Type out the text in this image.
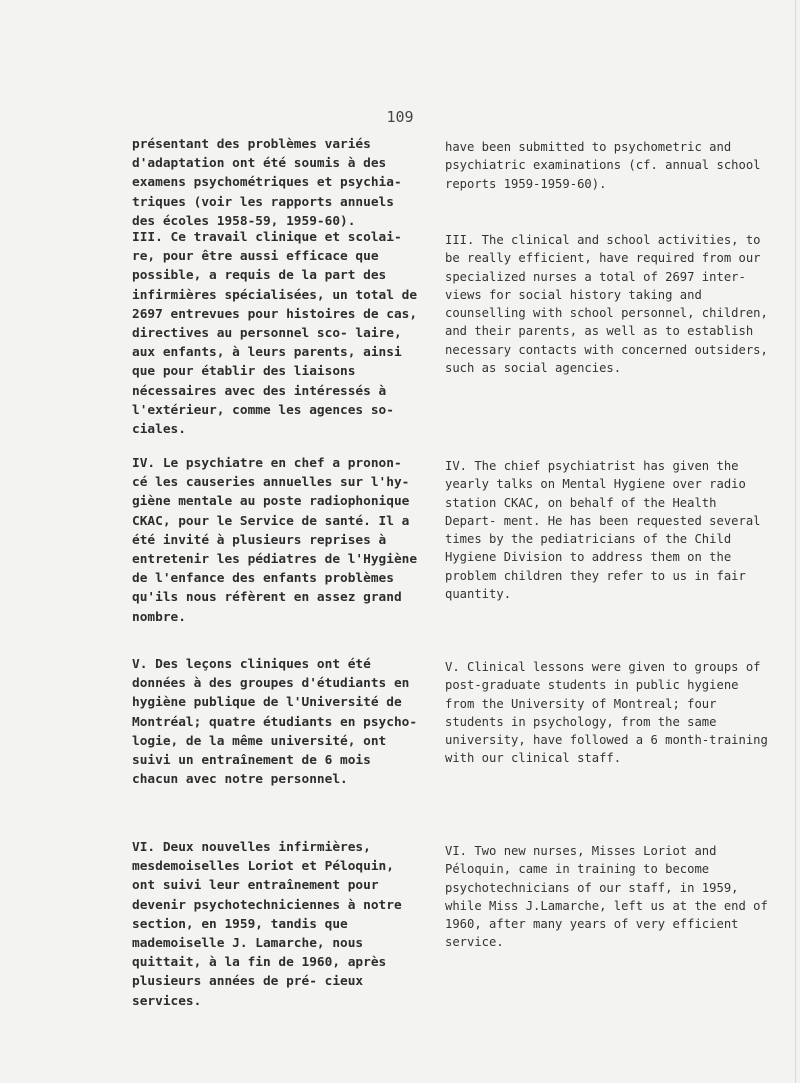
109

présentant des problèmes variés d'adaptation ont été soumis à des examens psychométriques et psychia- triques (voir les rapports annuels des écoles 1958-59, 1959-60).

III. Ce travail clinique et scolai- re, pour être aussi efficace que possible, a requis de la part des infirmières spécialisées, un total de 2697 entrevues pour histoires de cas, directives au personnel sco- laire, aux enfants, à leurs parents, ainsi que pour établir des liaisons nécessaires avec des intéressés à l'extérieur, comme les agences so- ciales.

IV. Le psychiatre en chef a pronon- cé les causeries annuelles sur l'hy- giène mentale au poste radiophonique CKAC, pour le Service de santé. Il a été invité à plusieurs reprises à entretenir les pédiatres de l'Hygiène de l'enfance des enfants problèmes qu'ils nous réfèrent en assez grand nombre.

V. Des leçons cliniques ont été données à des groupes d'étudiants en hygiène publique de l'Université de Montréal; quatre étudiants en psycho- logie, de la même université, ont suivi un entraînement de 6 mois chacun avec notre personnel.

VI. Deux nouvelles infirmières, mesdemoiselles Loriot et Péloquin, ont suivi leur entraînement pour devenir psychotechniciennes à notre section, en 1959, tandis que mademoiselle J. Lamarche, nous quittait, à la fin de 1960, après plusieurs années de pré- cieux services.

have been submitted to psychometric and psychiatric examinations (cf. annual school reports 1959-1959-60).

III. The clinical and school activities, to be really efficient, have required from our specialized nurses a total of 2697 inter- views for social history taking and counselling with school personnel, children, and their parents, as well as to establish necessary contacts with concerned outsiders, such as social agencies.

IV. The chief psychiatrist has given the yearly talks on Mental Hygiene over radio station CKAC, on behalf of the Health Depart- ment. He has been requested several times by the pediatricians of the Child Hygiene Division to address them on the problem children they refer to us in fair quantity.

V. Clinical lessons were given to groups of post-graduate students in public hygiene from the University of Montreal; four students in psychology, from the same university, have followed a 6 month-training with our clinical staff.

VI. Two new nurses, Misses Loriot and Péloquin, came in training to become psychotechnicians of our staff, in 1959, while Miss J.Lamarche, left us at the end of 1960, after many years of very efficient service.
